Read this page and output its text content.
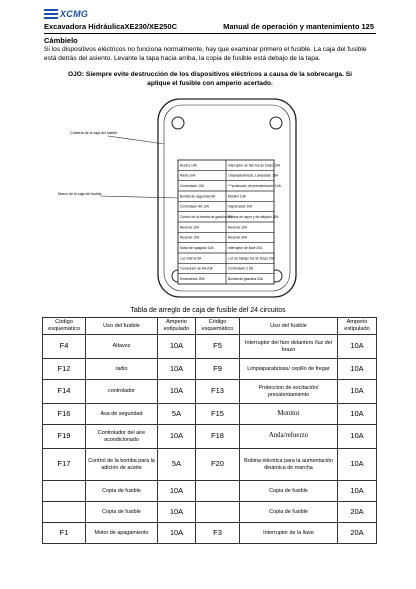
XCMG
Excavadora HidráulicaXE230/XE250C	Manual de operación y mantenimiento 125
Cámbielo
Si los dispositivos eléctricos no funciona normalmente, hay que examinar primero el fusible. La caja del fusible está detrás del asiento. Levante la tapa hacia arriba, la copia de fusible está debajo de la tapa.
OJO: Siempre evite destrucción de los dispositivos eléctricos a causa de la sobrecarga. Si aplique el fusible con amperio acertado.
Cubierta de la caja del fusible
Marco de la caja del fusible
Bocina 10A
Radio 10A
Controlador 10A
Bomba de seguridad 5A
Controlador AA 10A
Control de la bomba de gasolina 5A
Reserva 10A
Reserva 10A
Motor de apagado 10A
Luz interna 5A
Compresor de AA 20A
Encendedor 20A
Interruptor de faro luz de brazo 10A
Limpiaparabrisas, Lavaparab. 10A
***protección de precalentación 10A
Monitor 10A
Vaporizador 10A
Bobina de vapor y de aflojado 10A
Reserva 10A
Reserva 20A
Interruptor de llave 20A
Luz de trabajo fus de brazo 20A
Controlador 2 5A
Bomba de gasolina 20A
Tabla de arreglo de caja de fusible del 24 circuitos
Código esquemático	Uso del fusible	Amperio estipulado	Código esquemático	Uso del fusible	Amperio estipulado
F4	Altavoz	10A	F5	Interruptor del faro delantero /luz del brazo	10A
F12	radio	10A	F9	Limpiaparabrisas/ cepillo de fregar	10A
F14	controlador	10A	F13	Proteccion de excitación/ precalentamiento	10A
F16	Asa de seguridad	5A	F15	Monitor	10A
F19	Controlador del aire acondicionado	10A	F18	Anda/refuerzo	10A
F17	Control de la bomba para la adición de aceite	5A	F20	Bobina eléctrica para la aumentación dinámica de marcha	10A
	Copia de fusible	10A		Copia de fusible	10A
	Copia de fusible	10A		Copia de fusible	20A
F1	Motor de apagamiento	10A	F3	Interruptor de la llave	20A
